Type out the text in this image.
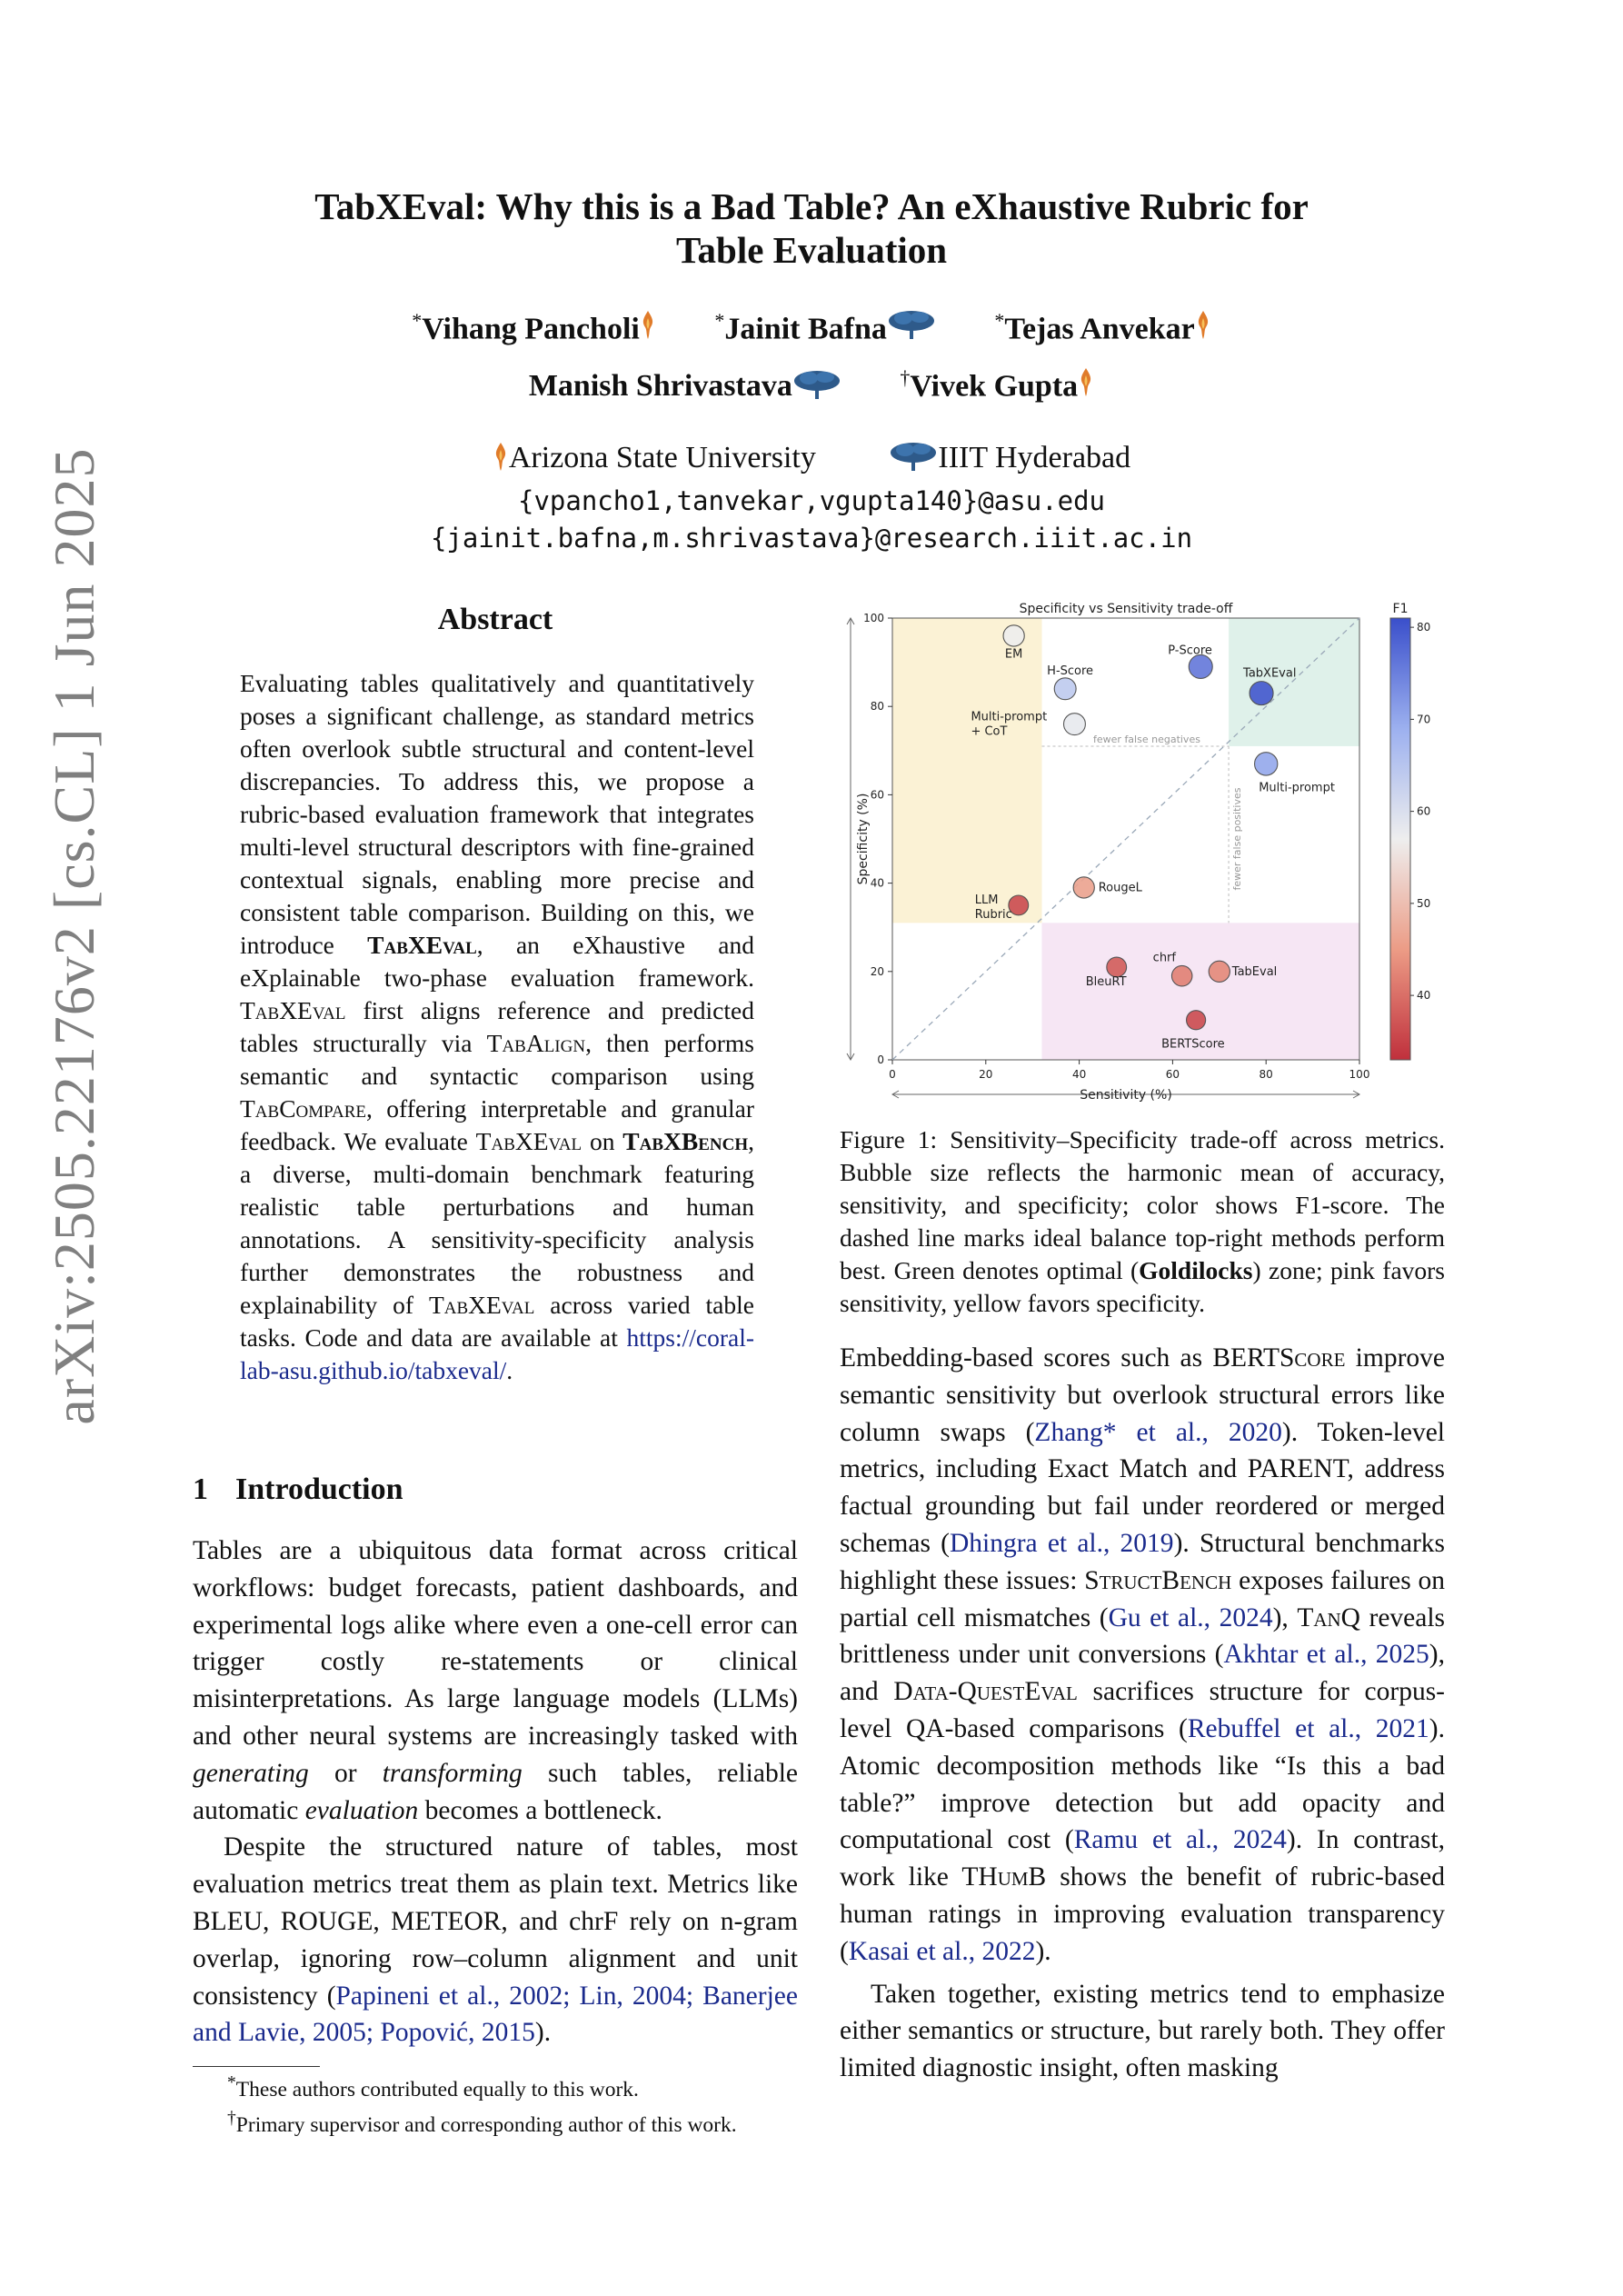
arXiv:2505.22176v2 [cs.CL] 1 Jun 2025
TabXEval: Why this is a Bad Table? An eXhaustive Rubric for
Table Evaluation
*Vihang Pancholi	*Jainit Bafna	*Tejas Anvekar
Manish Shrivastava	†Vivek Gupta
Arizona State University	IIIT Hyderabad
{vpancho1,tanvekar,vgupta140}@asu.edu
{jainit.bafna,m.shrivastava}@research.iiit.ac.in
Abstract
Evaluating tables qualitatively and quantitatively poses a significant challenge, as standard metrics often overlook subtle structural and content-level discrepancies. To address this, we propose a rubric-based evaluation framework that integrates multi-level structural descriptors with fine-grained contextual signals, enabling more precise and consistent table comparison. Building on this, we introduce TabXEval, an eXhaustive and eXplainable two-phase evaluation framework. TabXEval first aligns reference and predicted tables structurally via TabAlign, then performs semantic and syntactic comparison using TabCompare, offering interpretable and granular feedback. We evaluate TabXEval on TabXBench, a diverse, multi-domain benchmark featuring realistic table perturbations and human annotations. A sensitivity-specificity analysis further demonstrates the robustness and explainability of TabXEval across varied table tasks. Code and data are available at https://coral-lab-asu.github.io/tabxeval/.
1 Introduction

Tables are a ubiquitous data format across critical workflows: budget forecasts, patient dashboards, and experimental logs alike where even a one-cell error can trigger costly re-statements or clinical misinterpretations. As large language models (LLMs) and other neural systems are increasingly tasked with generating or transforming such tables, reliable automatic evaluation becomes a bottleneck.

Despite the structured nature of tables, most evaluation metrics treat them as plain text. Metrics like BLEU, ROUGE, METEOR, and chrF rely on n-gram overlap, ignoring row–column alignment and unit consistency (Papineni et al., 2002; Lin, 2004; Banerjee and Lavie, 2005; Popović, 2015).

*These authors contributed equally to this work.
†Primary supervisor and corresponding author of this work.
EM
H-Score
P-Score
TabXEval
Multi-prompt + CoT
Multi-prompt
RougeL
LLM Rubric
BleuRT
chrf
TabEval
BERTScore
0	20	40	60	80	100
0
20
40
60
80
100
Specificity vs Sensitivity trade-off
Sensitivity (%)
Specificity (%)
fewer false negatives
fewer false positives
F1
40
50
60
70
80
Figure 1: Sensitivity–Specificity trade-off across metrics. Bubble size reflects the harmonic mean of accuracy, sensitivity, and specificity; color shows F1-score. The dashed line marks ideal balance top-right methods perform best. Green denotes optimal (Goldilocks) zone; pink favors sensitivity, yellow favors specificity.

Embedding-based scores such as BERTScore improve semantic sensitivity but overlook structural errors like column swaps (Zhang* et al., 2020). Token-level metrics, including Exact Match and PARENT, address factual grounding but fail under reordered or merged schemas (Dhingra et al., 2019). Structural benchmarks highlight these issues: StructBench exposes failures on partial cell mismatches (Gu et al., 2024), TanQ reveals brittleness under unit conversions (Akhtar et al., 2025), and Data-QuestEval sacrifices structure for corpus-level QA-based comparisons (Rebuffel et al., 2021). Atomic decomposition methods like “Is this a bad table?” improve detection but add opacity and computational cost (Ramu et al., 2024). In contrast, work like THumB shows the benefit of rubric-based human ratings in improving evaluation transparency (Kasai et al., 2022).

Taken together, existing metrics tend to emphasize either semantics or structure, but rarely both. They offer limited diagnostic insight, often masking
